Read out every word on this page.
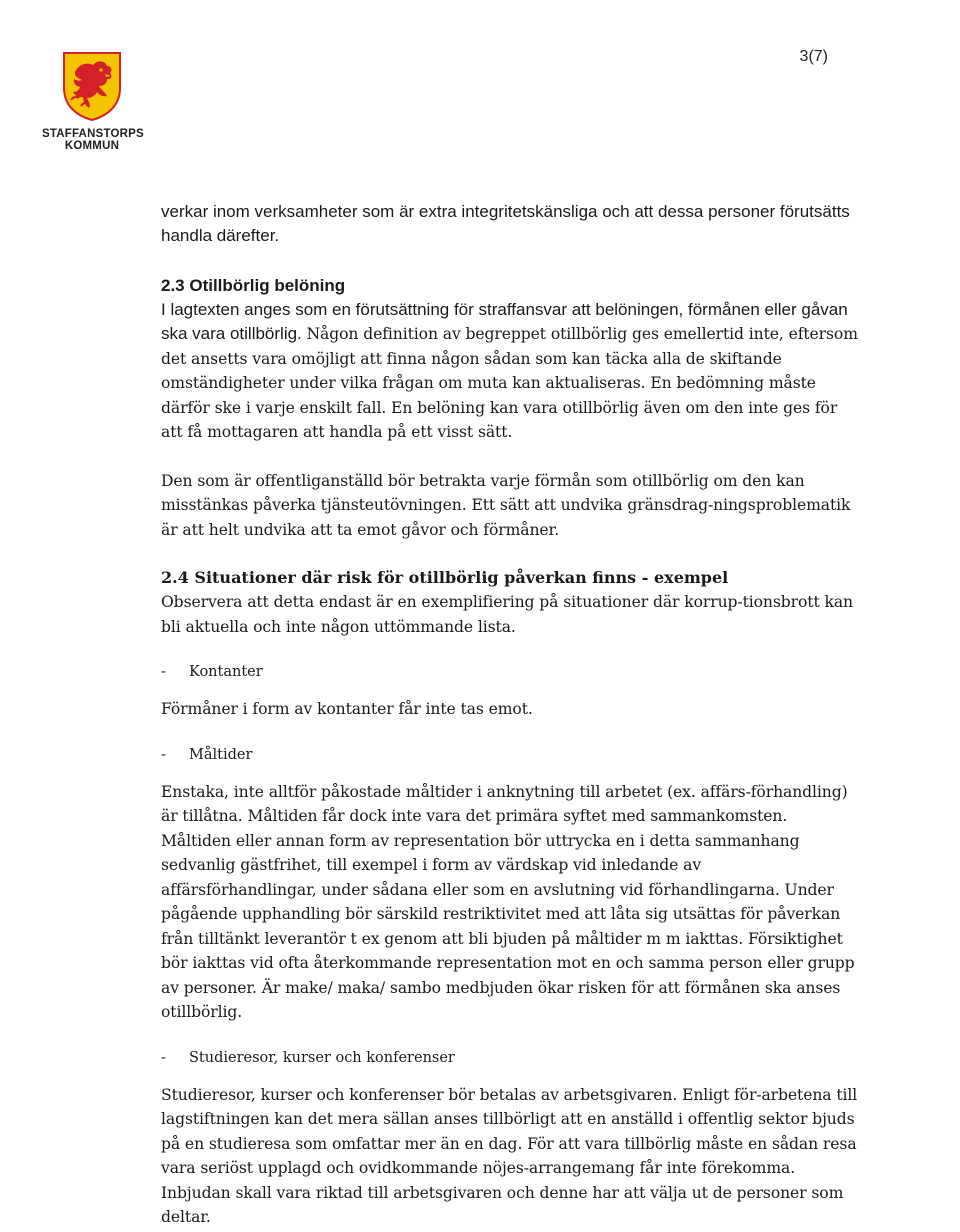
3(7)
STAFFANSTORPS
KOMMUN

verkar inom verksamheter som är extra integritetskänsliga och att dessa personer förutsätts handla därefter.

2.3 Otillbörlig belöning

I lagtexten anges som en förutsättning för straffansvar att belöningen, förmånen eller gåvan ska vara otillbörlig. Någon definition av begreppet otillbörlig ges emellertid inte, eftersom det ansetts vara omöjligt att finna någon sådan som kan täcka alla de skiftande omständigheter under vilka frågan om muta kan aktualiseras. En bedömning måste därför ske i varje enskilt fall. En belöning kan vara otillbörlig även om den inte ges för att få mottagaren att handla på ett visst sätt.

Den som är offentliganställd bör betrakta varje förmån som otillbörlig om den kan misstänkas påverka tjänsteutövningen. Ett sätt att undvika gränsdrag-ningsproblematik är att helt undvika att ta emot gåvor och förmåner.

2.4 Situationer där risk för otillbörlig påverkan finns - exempel

Observera att detta endast är en exemplifiering på situationer där korrup-tionsbrott kan bli aktuella och inte någon uttömmande lista.

- Kontanter

Förmåner i form av kontanter får inte tas emot.

- Måltider

Enstaka, inte alltför påkostade måltider i anknytning till arbetet (ex. affärs-förhandling) är tillåtna. Måltiden får dock inte vara det primära syftet med sammankomsten. Måltiden eller annan form av representation bör uttrycka en i detta sammanhang sedvanlig gästfrihet, till exempel i form av värdskap vid inledande av affärsförhandlingar, under sådana eller som en avslutning vid förhandlingarna. Under pågående upphandling bör särskild restriktivitet med att låta sig utsättas för påverkan från tilltänkt leverantör t ex genom att bli bjuden på måltider m m iakttas. Försiktighet bör iakttas vid ofta återkommande representation mot en och samma person eller grupp av personer. Är make/ maka/ sambo medbjuden ökar risken för att förmånen ska anses otillbörlig.

- Studieresor, kurser och konferenser

Studieresor, kurser och konferenser bör betalas av arbetsgivaren. Enligt för-arbetena till lagstiftningen kan det mera sällan anses tillbörligt att en anställd i offentlig sektor bjuds på en studieresa som omfattar mer än en dag. För att vara tillbörlig måste en sådan resa vara seriöst upplagd och ovidkommande nöjes-arrangemang får inte förekomma. Inbjudan skall vara riktad till arbetsgivaren och denne har att välja ut de personer som deltar.
